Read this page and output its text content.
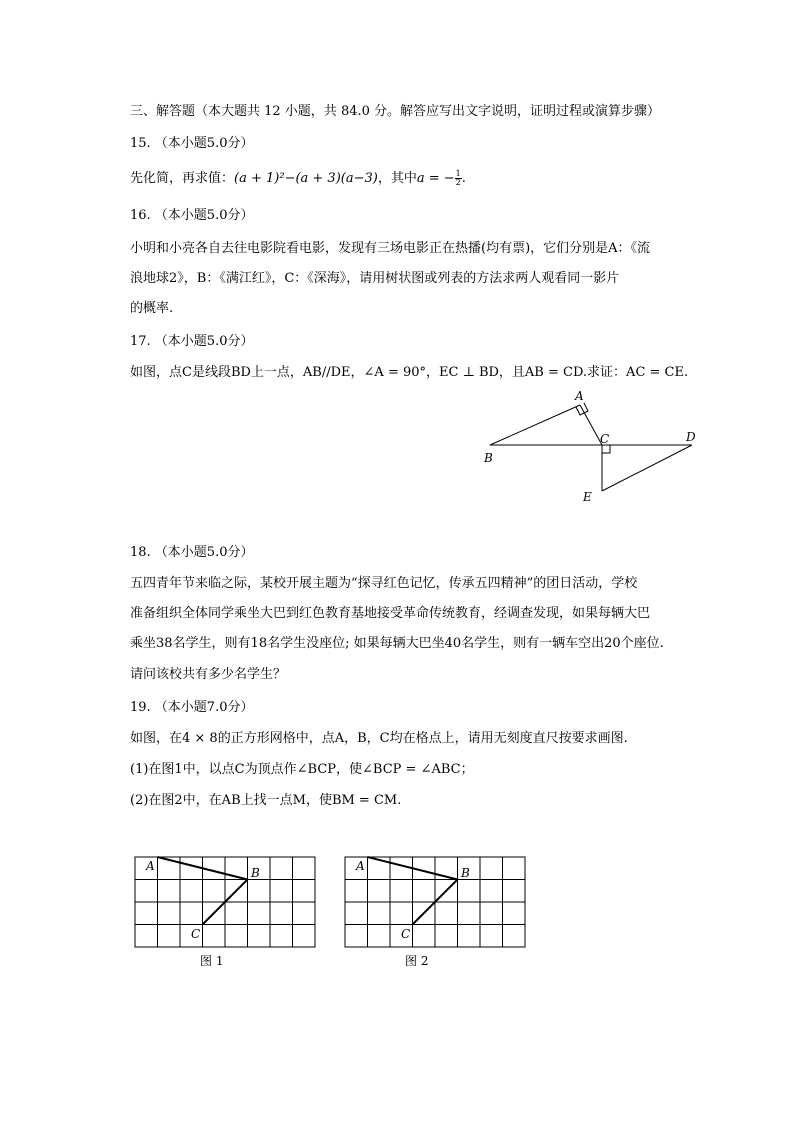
三、解答题（本大题共 12 小题，共 84.0 分。解答应写出文字说明，证明过程或演算步骤）
15. （本小题5.0分）
先化简，再求值：(a + 1)²−(a + 3)(a−3)，其中a = − $\frac{1}{2}$ .
16. （本小题5.0分）
小明和小亮各自去往电影院看电影，发现有三场电影正在热播(均有票)，它们分别是A：《流
浪地球2》，B：《满江红》，C：《深海》，请用树状图或列表的方法求两人观看同一影片
的概率.
17. （本小题5.0分）
如图，点C是线段BD上一点，AB//DE，∠A = 90°，EC ⊥ BD，且AB = CD.求证：AC = CE.
A
B
C	D
E
18. （本小题5.0分）
五四青年节来临之际，某校开展主题为“探寻红色记忆，传承五四精神”的团日活动，学校
准备组织全体同学乘坐大巴到红色教育基地接受革命传统教育，经调查发现，如果每辆大巴
乘坐38名学生，则有18名学生没座位; 如果每辆大巴坐40名学生，则有一辆车空出20个座位.
请问该校共有多少名学生？
19. （本小题7.0分）
如图，在4 × 8的正方形网格中，点A，B，C均在格点上，请用无刻度直尺按要求画图.
(1)在图1中，以点C为顶点作∠BCP，使∠BCP = ∠ABC；
(2)在图2中，在AB上找一点M，使BM = CM.
A	B
C
图 1
A	B
C
图 2
